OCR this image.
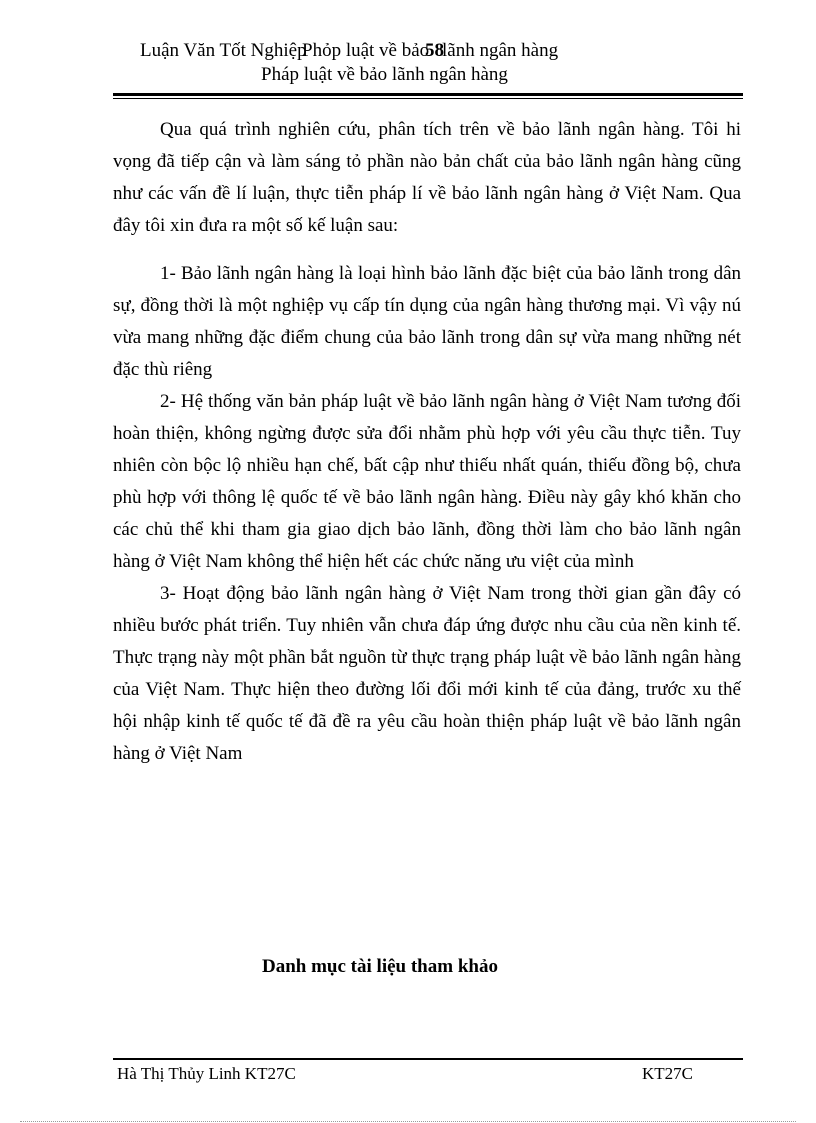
Luận Văn Tốt Nghiệp
Phỏp luật về bảo
58
lãnh ngân hàng
Pháp luật về bảo lãnh ngân hàng

Qua quá trình nghiên cứu, phân tích trên về bảo lãnh ngân hàng. Tôi hi vọng đã tiếp cận và làm sáng tỏ phần nào bản chất của bảo lãnh ngân hàng cũng như các vấn đề lí luận, thực tiễn pháp lí về bảo lãnh ngân hàng ở Việt Nam. Qua đây tôi xin đưa ra một số kế luận sau:

1- Bảo lãnh ngân hàng là loại hình bảo lãnh đặc biệt của bảo lãnh trong dân sự, đồng thời là một nghiệp vụ cấp tín dụng của ngân hàng thương mại. Vì vậy nú vừa mang những đặc điểm chung của bảo lãnh trong dân sự vừa mang những nét đặc thù riêng

2- Hệ thống văn bản pháp luật về bảo lãnh ngân hàng ở Việt Nam tương đối hoàn thiện, không ngừng được sửa đổi nhằm phù hợp với yêu cầu thực tiễn. Tuy nhiên còn bộc lộ nhiều hạn chế, bất cập như thiếu nhất quán, thiếu đồng bộ, chưa phù hợp với thông lệ quốc tế về bảo lãnh ngân hàng. Điều này gây khó khăn cho các chủ thể khi tham gia giao dịch bảo lãnh, đồng thời làm cho bảo lãnh ngân hàng ở Việt Nam không thể hiện hết các chức năng ưu việt của mình

3- Hoạt động bảo lãnh ngân hàng ở Việt Nam trong thời gian gần đây có nhiều bước phát triển. Tuy nhiên vẫn chưa đáp ứng được nhu cầu của nền kinh tế. Thực trạng này một phần bắt nguồn từ thực trạng pháp luật về bảo lãnh ngân hàng của Việt Nam. Thực hiện theo đường lối đổi mới kinh tế của đảng, trước xu thế hội nhập kinh tế quốc tế đã đề ra yêu cầu hoàn thiện pháp luật về bảo lãnh ngân hàng ở Việt Nam

Danh mục tài liệu tham khảo
Hà Thị Thủy Linh KT27C	KT27C
